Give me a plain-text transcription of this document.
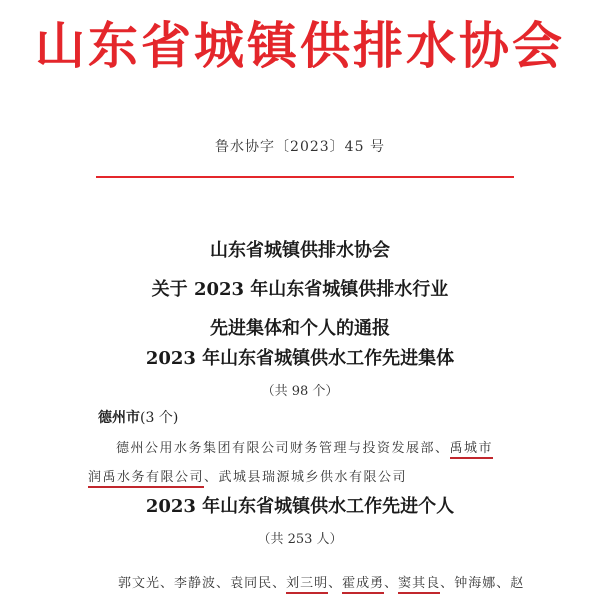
山东省城镇供排水协会
鲁水协字〔2023〕45 号
山东省城镇供排水协会
关于 2023 年山东省城镇供排水行业
先进集体和个人的通报
2023 年山东省城镇供水工作先进集体
（共 98 个）
德州市(3 个)
德州公用水务集团有限公司财务管理与投资发展部、禹城市
润禹水务有限公司、武城县瑞源城乡供水有限公司
2023 年山东省城镇供水工作先进个人
（共 253 人）
郭文光、李静波、袁同民、刘三明、霍成勇、窦其良、钟海娜、赵
